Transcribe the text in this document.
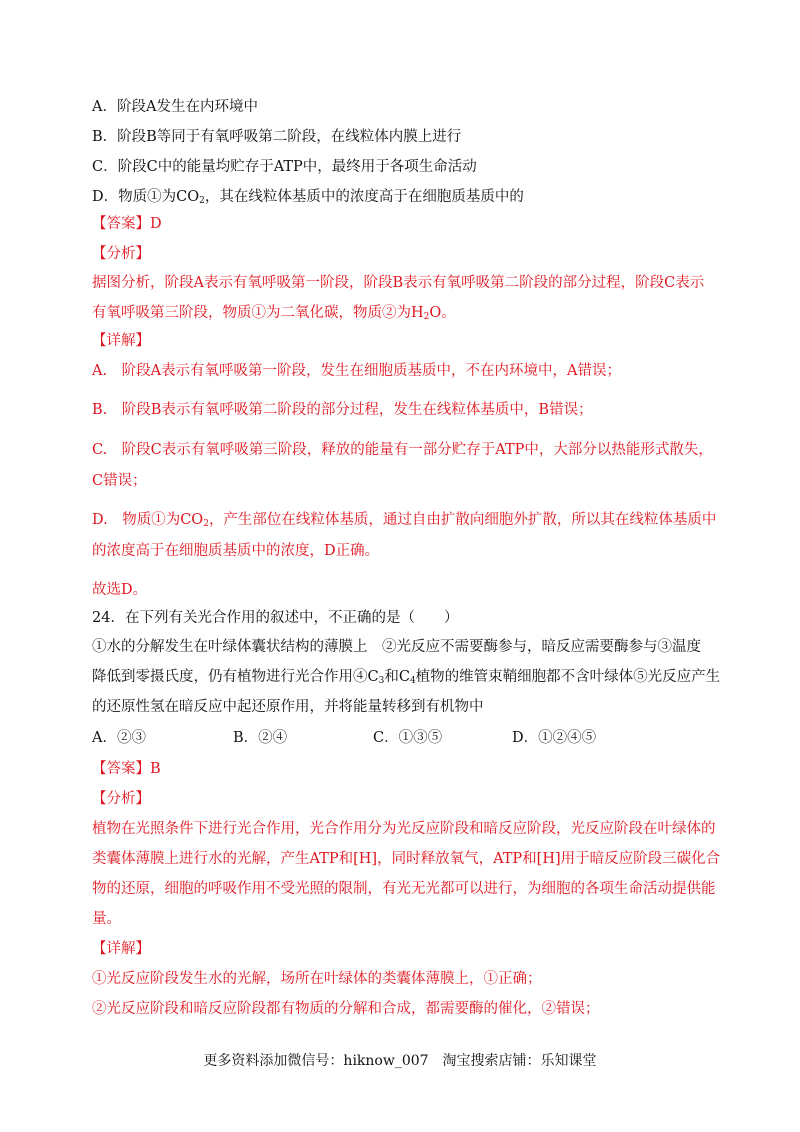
A．阶段A发生在内环境中
B．阶段B等同于有氧呼吸第二阶段，在线粒体内膜上进行
C．阶段C中的能量均贮存于ATP中，最终用于各项生命活动
D．物质①为$CO_2$，其在线粒体基质中的浓度高于在细胞质基质中的
【答案】D
【分析】
据图分析，阶段A表示有氧呼吸第一阶段，阶段B表示有氧呼吸第二阶段的部分过程，阶段C表示
有氧呼吸第三阶段，物质①为二氧化碳，物质②为$H_2O$。
【详解】
A.　阶段A表示有氧呼吸第一阶段，发生在细胞质基质中，不在内环境中，A错误；
B.　阶段B表示有氧呼吸第二阶段的部分过程，发生在线粒体基质中，B错误；
C.　阶段C表示有氧呼吸第三阶段，释放的能量有一部分贮存于ATP中，大部分以热能形式散失，
C错误；
D.　物质①为$CO_2$，产生部位在线粒体基质，通过自由扩散向细胞外扩散，所以其在线粒体基质中
的浓度高于在细胞质基质中的浓度，D正确。
故选D。
24．在下列有关光合作用的叙述中，不正确的是（　　）
①水的分解发生在叶绿体囊状结构的薄膜上　②光反应不需要酶参与，暗反应需要酶参与③温度
降低到零摄氏度，仍有植物进行光合作用$④C_3$和$C_4$植物的维管束鞘细胞都不含叶绿体⑤光反应产生
的还原性氢在暗反应中起还原作用，并将能量转移到有机物中
A．②③	B．②④	C．①③⑤	D．①②④⑤
【答案】B
【分析】
植物在光照条件下进行光合作用，光合作用分为光反应阶段和暗反应阶段，光反应阶段在叶绿体的
类囊体薄膜上进行水的光解，产生ATP和[H]，同时释放氧气，ATP和[H]用于暗反应阶段三碳化合
物的还原，细胞的呼吸作用不受光照的限制，有光无光都可以进行，为细胞的各项生命活动提供能
量。
【详解】
①光反应阶段发生水的光解，场所在叶绿体的类囊体薄膜上，①正确；
②光反应阶段和暗反应阶段都有物质的分解和合成，都需要酶的催化，②错误；
更多资料添加微信号：hiknow_007　淘宝搜索店铺：乐知课堂
